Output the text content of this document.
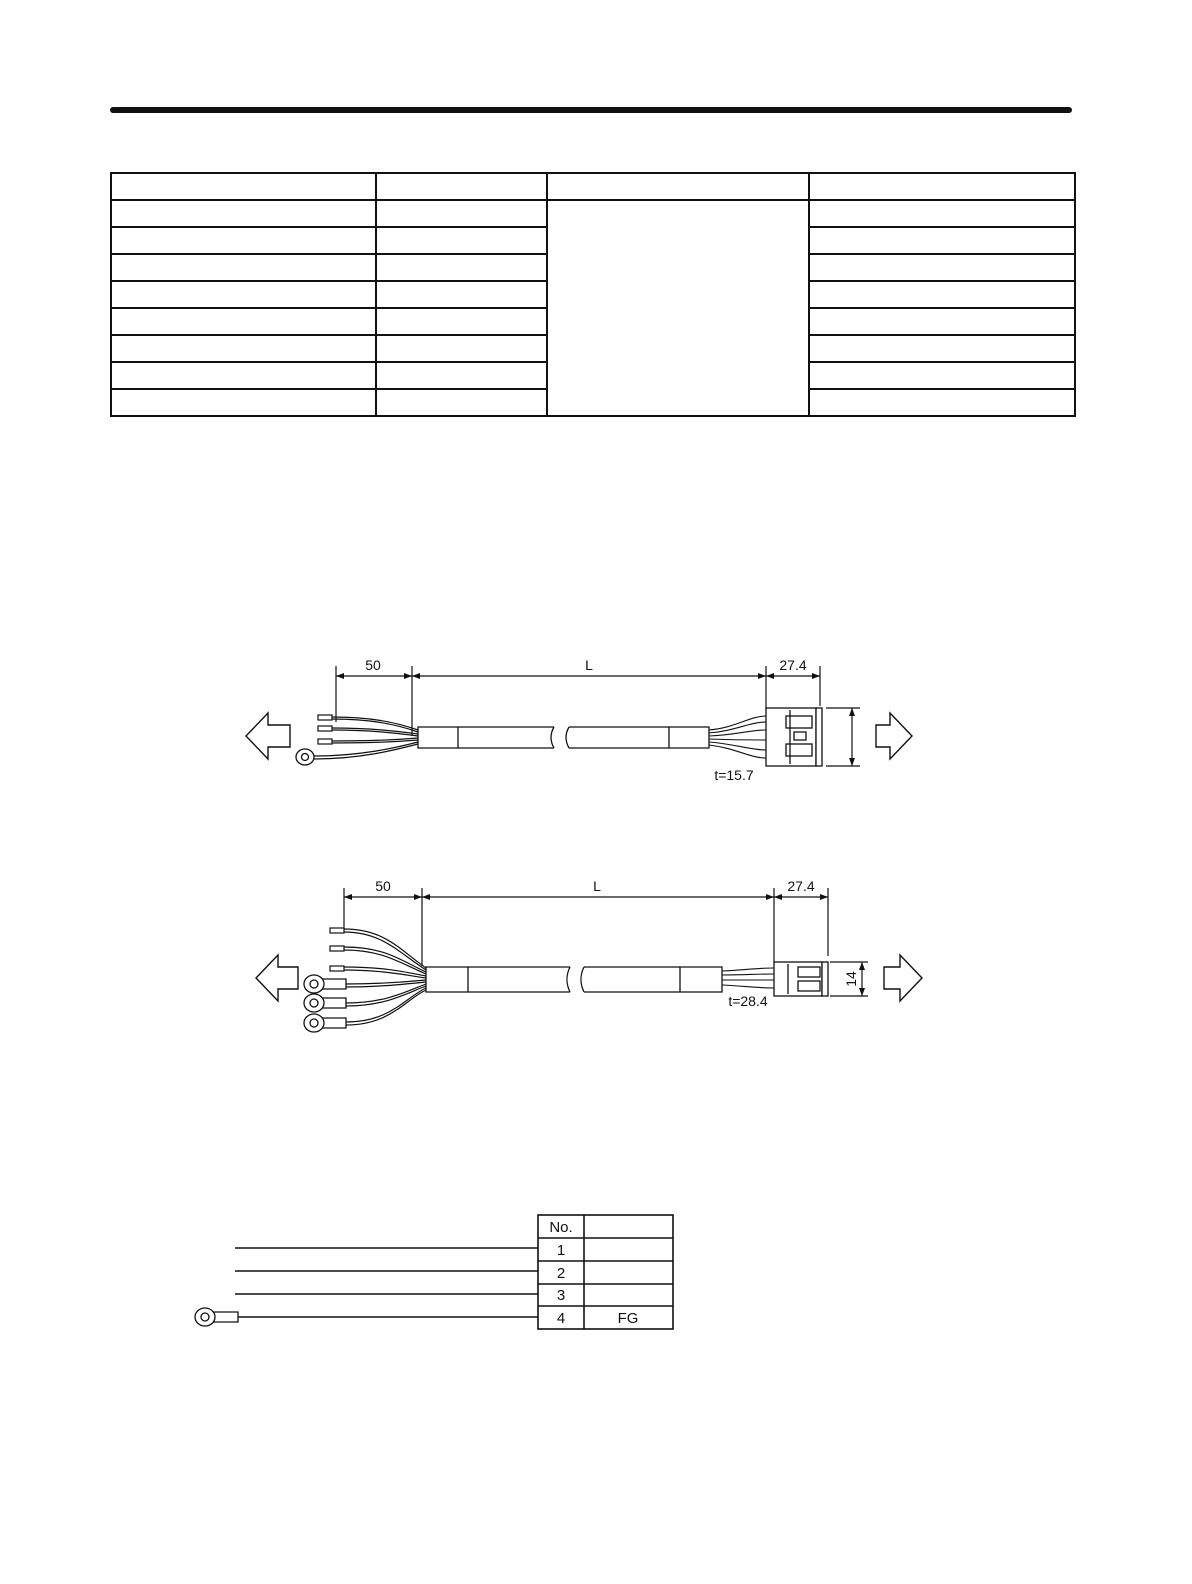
50	L	27.4
t=15.7
50	L	27.4
14
t=28.4
No.
1
2
3
4	FG
